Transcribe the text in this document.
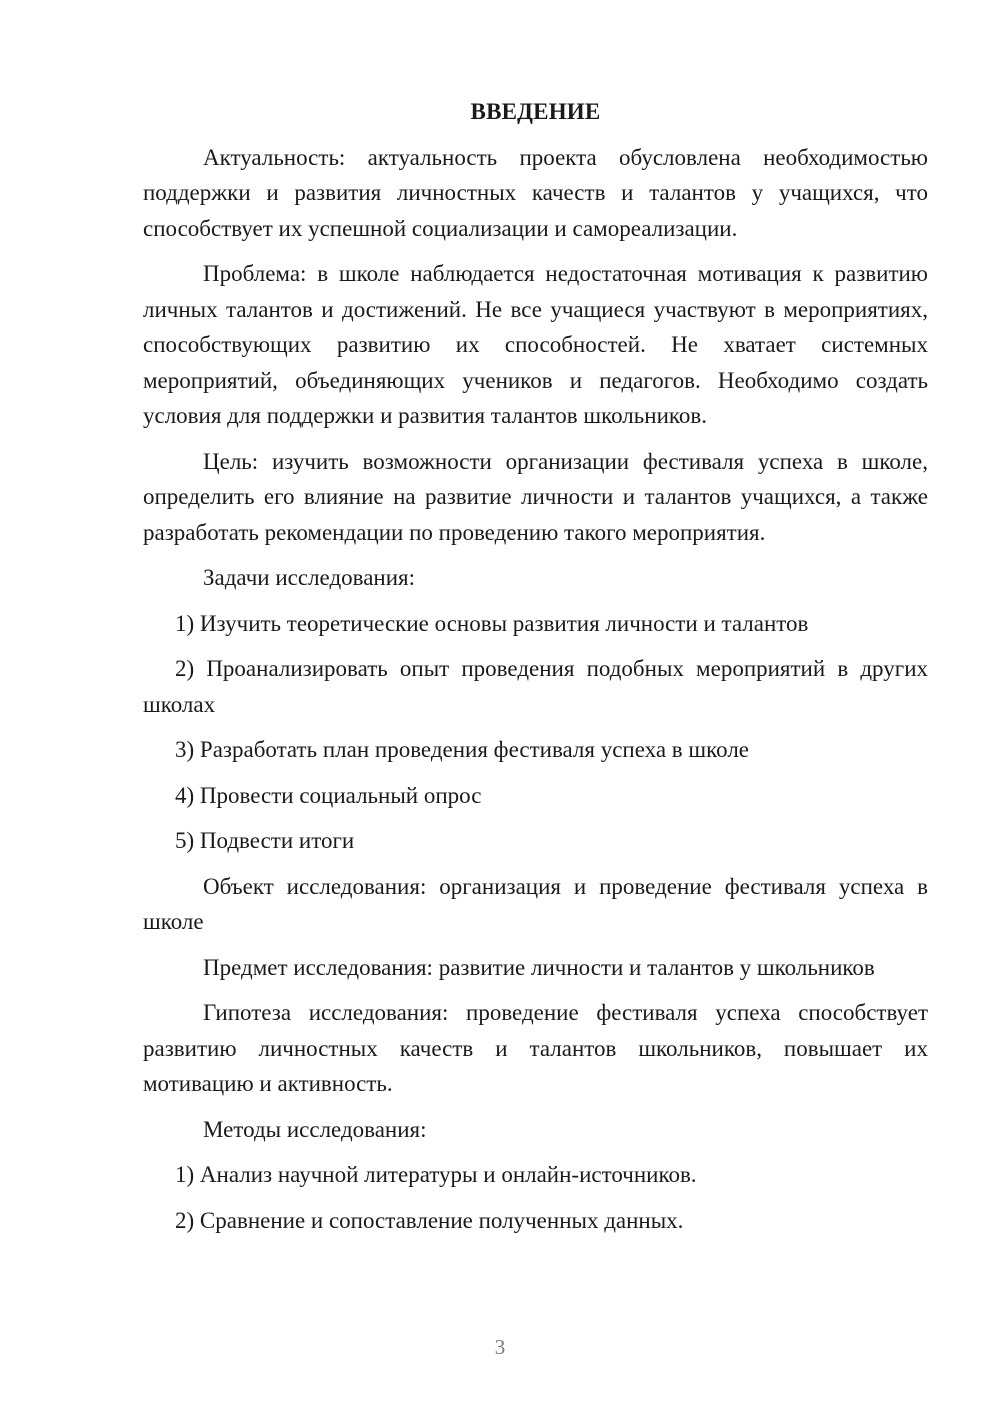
ВВЕДЕНИЕ

Актуальность: актуальность проекта обусловлена необходимостью поддержки и развития личностных качеств и талантов у учащихся, что способствует их успешной социализации и самореализации.

Проблема: в школе наблюдается недостаточная мотивация к развитию личных талантов и достижений. Не все учащиеся участвуют в мероприятиях, способствующих развитию их способностей. Не хватает системных мероприятий, объединяющих учеников и педагогов. Необходимо создать условия для поддержки и развития талантов школьников.

Цель: изучить возможности организации фестиваля успеха в школе, определить его влияние на развитие личности и талантов учащихся, а также разработать рекомендации по проведению такого мероприятия.

Задачи исследования:

1) Изучить теоретические основы развития личности и талантов

2) Проанализировать опыт проведения подобных мероприятий в других школах

3) Разработать план проведения фестиваля успеха в школе

4) Провести социальный опрос

5) Подвести итоги

Объект исследования: организация и проведение фестиваля успеха в школе

Предмет исследования: развитие личности и талантов у школьников

Гипотеза исследования: проведение фестиваля успеха способствует развитию личностных качеств и талантов школьников, повышает их мотивацию и активность.

Методы исследования:

1) Анализ научной литературы и онлайн-источников.

2) Сравнение и сопоставление полученных данных.

3
